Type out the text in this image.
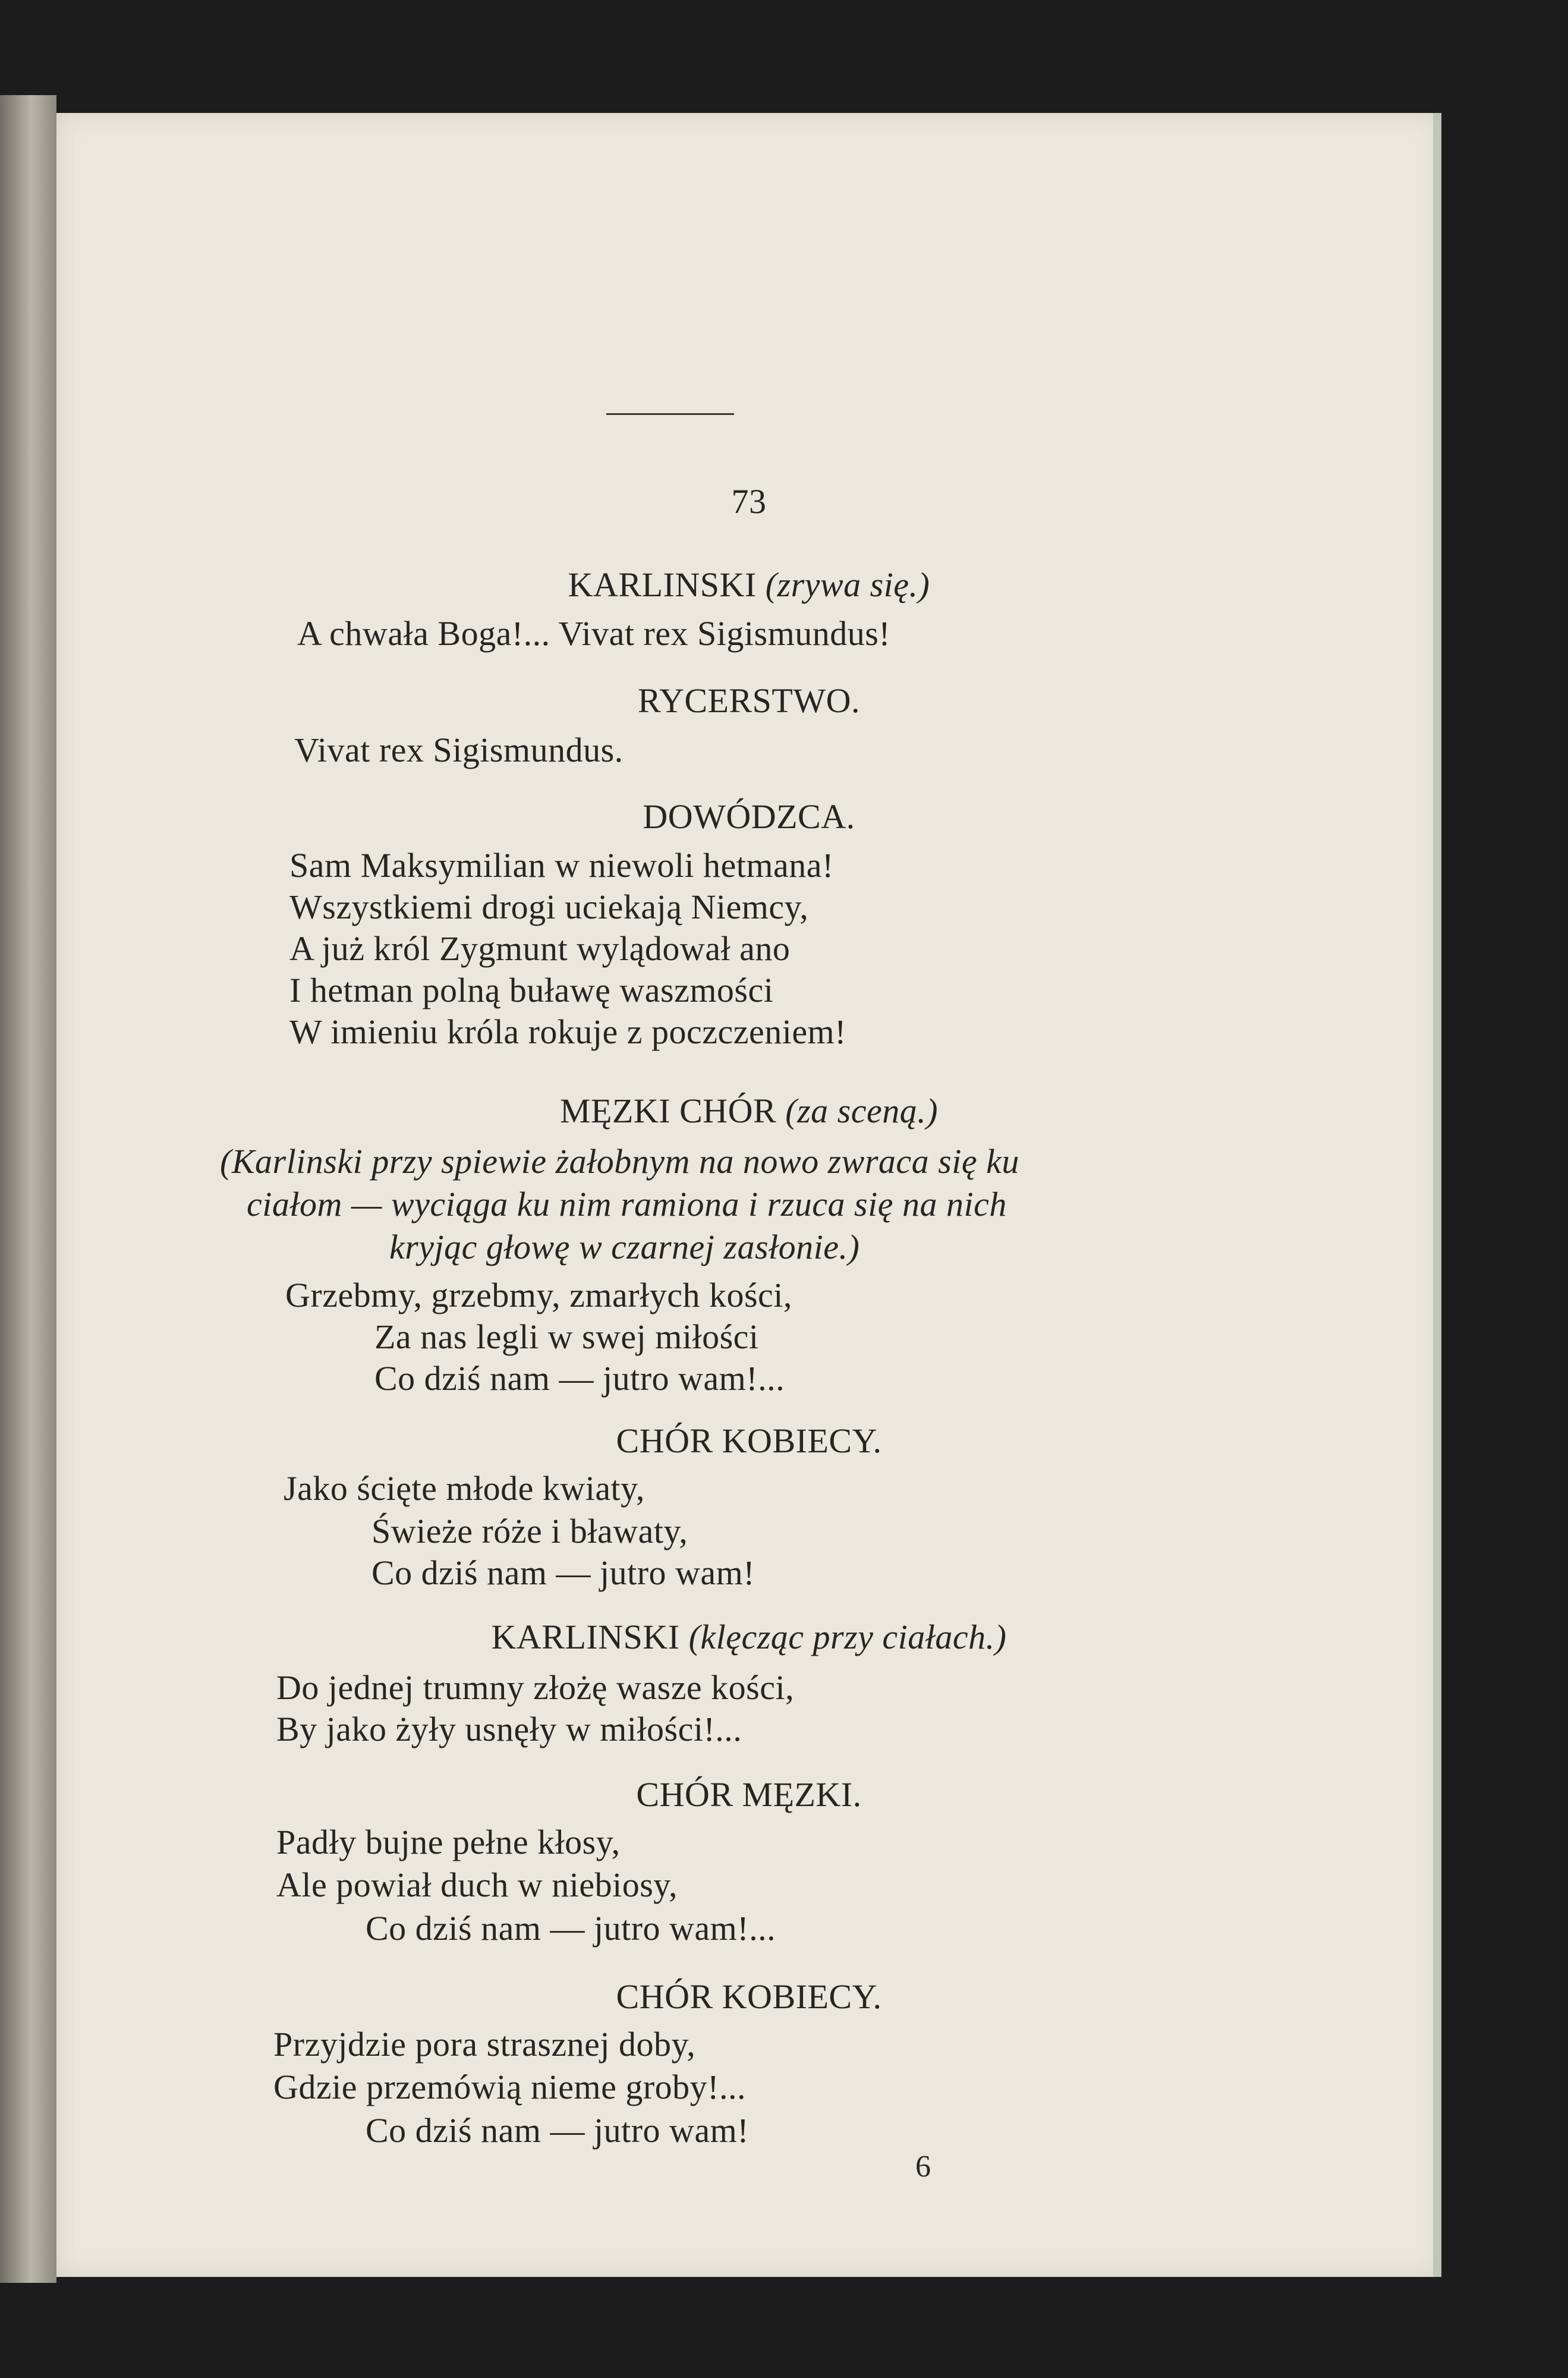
73
KARLINSKI (zrywa się.)
A chwała Boga!... Vivat rex Sigismundus!
RYCERSTWO.
Vivat rex Sigismundus.
DOWÓDZCA.
Sam Maksymilian w niewoli hetmana!
Wszystkiemi drogi uciekają Niemcy,
A już król Zygmunt wylądował ano
I hetman polną buławę waszmości
W imieniu króla rokuje z poczczeniem!
MĘZKI CHÓR (za sceną.)
(Karlinski przy spiewie żałobnym na nowo zwraca się ku
ciałom — wyciąga ku nim ramiona i rzuca się na nich
kryjąc głowę w czarnej zasłonie.)
Grzebmy, grzebmy, zmarłych kości,
Za nas legli w swej miłości
Co dziś nam — jutro wam!...
CHÓR KOBIECY.
Jako ścięte młode kwiaty,
Świeże róże i bławaty,
Co dziś nam — jutro wam!
KARLINSKI (klęcząc przy ciałach.)
Do jednej trumny złożę wasze kości,
By jako żyły usnęły w miłości!...
CHÓR MĘZKI.
Padły bujne pełne kłosy,
Ale powiał duch w niebiosy,
Co dziś nam — jutro wam!...
CHÓR KOBIECY.
Przyjdzie pora strasznej doby,
Gdzie przemówią nieme groby!...
Co dziś nam — jutro wam!
6
